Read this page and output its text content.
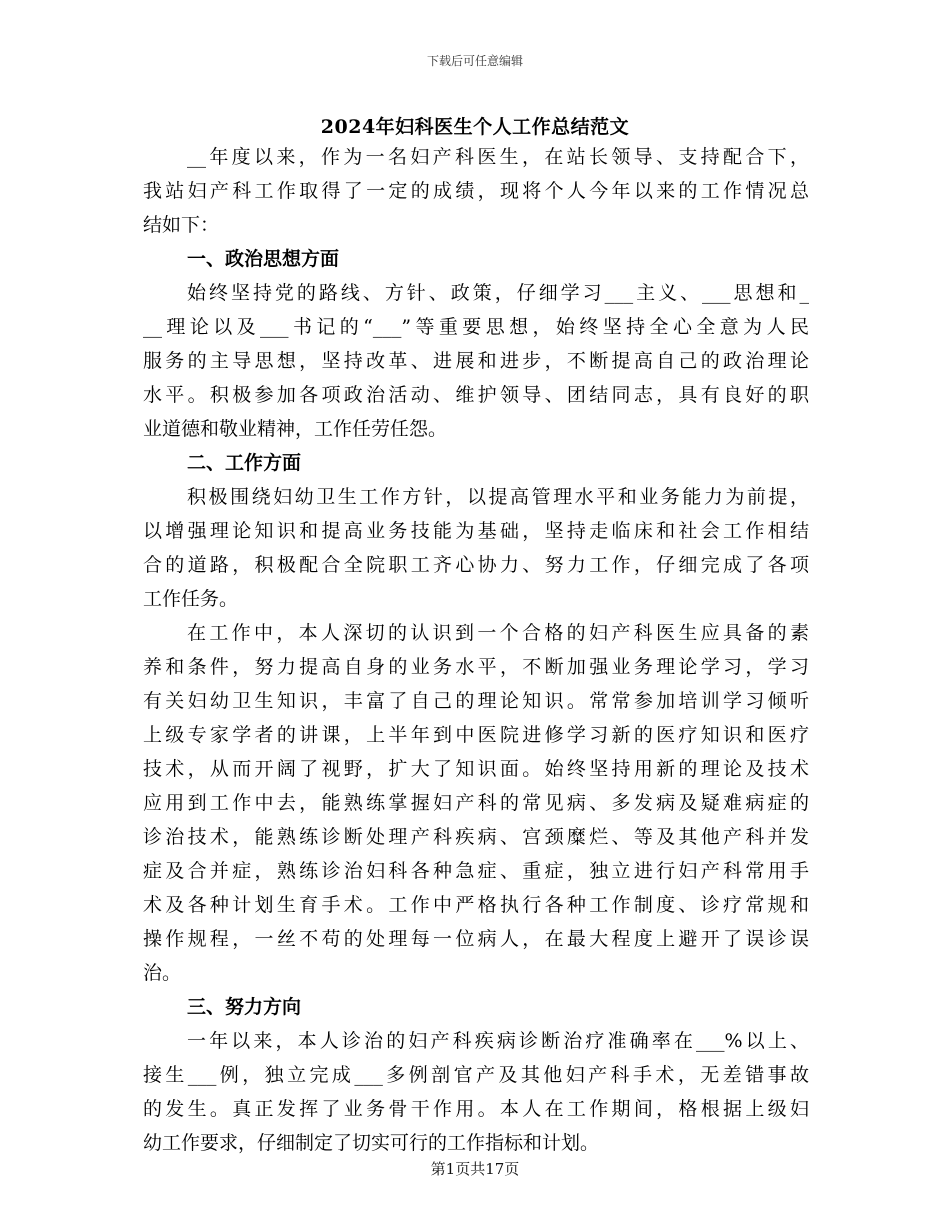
下载后可任意编辑
2024年妇科医生个人工作总结范文
__年度以来，作为一名妇产科医生，在站长领导、支持配合下，
我站妇产科工作取得了一定的成绩，现将个人今年以来的工作情况总
结如下：
一、政治思想方面
始终坚持党的路线、方针、政策，仔细学习___主义、___思想和_
__理论以及___书记的“___”等重要思想，始终坚持全心全意为人民
服务的主导思想，坚持改革、进展和进步，不断提高自己的政治理论
水平。积极参加各项政治活动、维护领导、团结同志，具有良好的职
业道德和敬业精神，工作任劳任怨。
二、工作方面
积极围绕妇幼卫生工作方针，以提高管理水平和业务能力为前提，
以增强理论知识和提高业务技能为基础，坚持走临床和社会工作相结
合的道路，积极配合全院职工齐心协力、努力工作，仔细完成了各项
工作任务。
在工作中，本人深切的认识到一个合格的妇产科医生应具备的素
养和条件，努力提高自身的业务水平，不断加强业务理论学习，学习
有关妇幼卫生知识，丰富了自己的理论知识。常常参加培训学习倾听
上级专家学者的讲课，上半年到中医院进修学习新的医疗知识和医疗
技术，从而开阔了视野，扩大了知识面。始终坚持用新的理论及技术
应用到工作中去，能熟练掌握妇产科的常见病、多发病及疑难病症的
诊治技术，能熟练诊断处理产科疾病、宫颈糜烂、等及其他产科并发
症及合并症，熟练诊治妇科各种急症、重症，独立进行妇产科常用手
术及各种计划生育手术。工作中严格执行各种工作制度、诊疗常规和
操作规程，一丝不苟的处理每一位病人，在最大程度上避开了误诊误
治。
三、努力方向
一年以来，本人诊治的妇产科疾病诊断治疗准确率在___%以上、
接生___例，独立完成___多例剖官产及其他妇产科手术，无差错事故
的发生。真正发挥了业务骨干作用。本人在工作期间，格根据上级妇
幼工作要求，仔细制定了切实可行的工作指标和计划。
第1页共17页
